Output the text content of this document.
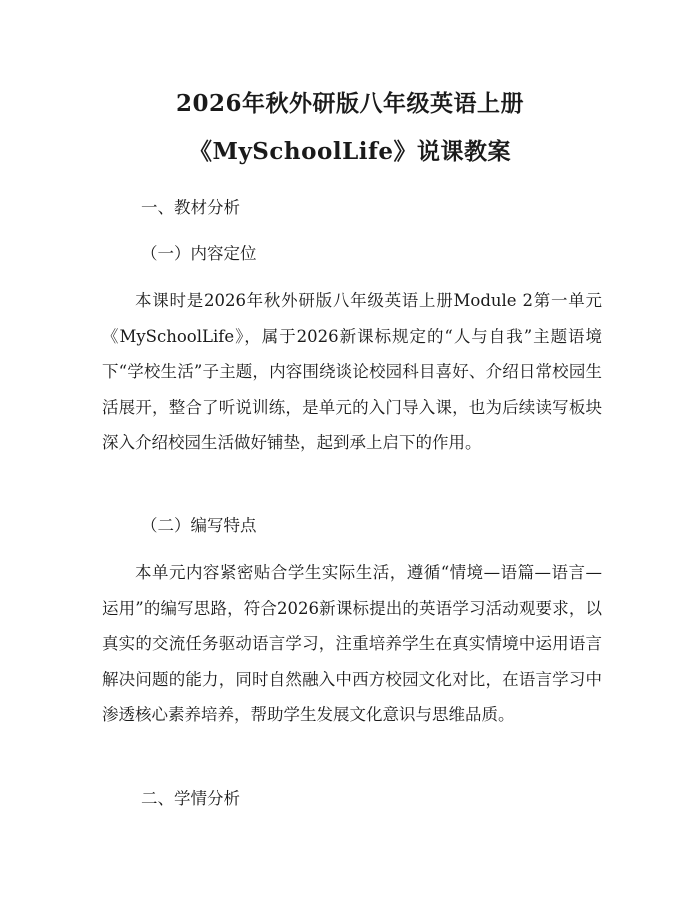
2026年秋外研版八年级英语上册
《MySchoolLife》说课教案
一、教材分析
（一）内容定位
本课时是2026年秋外研版八年级英语上册Module 2第一单元《MySchoolLife》，属于2026新课标规定的“人与自我”主题语境下“学校生活”子主题，内容围绕谈论校园科目喜好、介绍日常校园生活展开，整合了听说训练，是单元的入门导入课，也为后续读写板块深入介绍校园生活做好铺垫，起到承上启下的作用。
（二）编写特点
本单元内容紧密贴合学生实际生活，遵循“情境—语篇—语言—运用”的编写思路，符合2026新课标提出的英语学习活动观要求，以真实的交流任务驱动语言学习，注重培养学生在真实情境中运用语言解决问题的能力，同时自然融入中西方校园文化对比，在语言学习中渗透核心素养培养，帮助学生发展文化意识与思维品质。
二、学情分析
